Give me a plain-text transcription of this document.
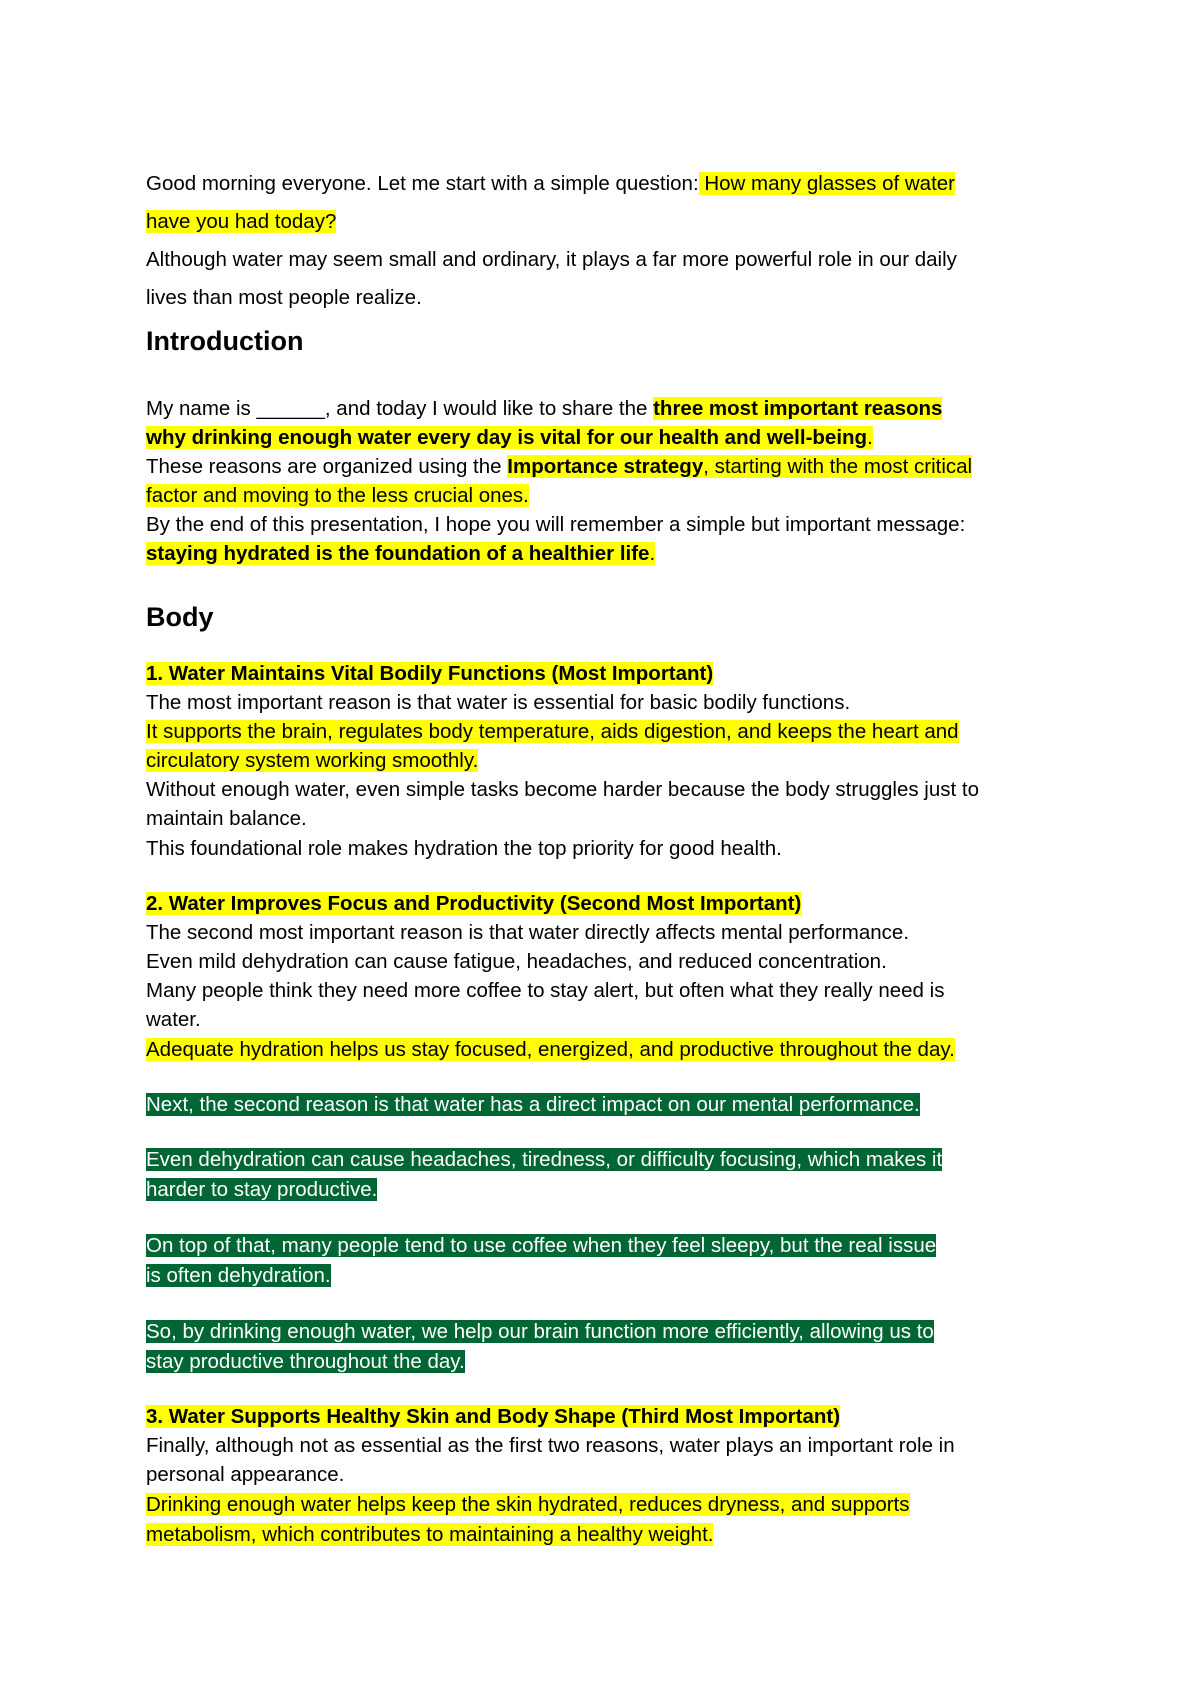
Good morning everyone. Let me start with a simple question: How many glasses of water

have you had today?

Although water may seem small and ordinary, it plays a far more powerful role in our daily

lives than most people realize.

Introduction

My name is ______, and today I would like to share the three most important reasons

why drinking enough water every day is vital for our health and well-being.

These reasons are organized using the Importance strategy, starting with the most critical

factor and moving to the less crucial ones.

By the end of this presentation, I hope you will remember a simple but important message:

staying hydrated is the foundation of a healthier life.

Body

1. Water Maintains Vital Bodily Functions (Most Important)

The most important reason is that water is essential for basic bodily functions.

It supports the brain, regulates body temperature, aids digestion, and keeps the heart and

circulatory system working smoothly.

Without enough water, even simple tasks become harder because the body struggles just to

maintain balance.

This foundational role makes hydration the top priority for good health.

2. Water Improves Focus and Productivity (Second Most Important)

The second most important reason is that water directly affects mental performance.

Even mild dehydration can cause fatigue, headaches, and reduced concentration.

Many people think they need more coffee to stay alert, but often what they really need is

water.

Adequate hydration helps us stay focused, energized, and productive throughout the day.

Next, the second reason is that water has a direct impact on our mental performance.

Even dehydration can cause headaches, tiredness, or difficulty focusing, which makes it

harder to stay productive.

On top of that, many people tend to use coffee when they feel sleepy, but the real issue

is often dehydration.

So, by drinking enough water, we help our brain function more efficiently, allowing us to

stay productive throughout the day.

3. Water Supports Healthy Skin and Body Shape (Third Most Important)

Finally, although not as essential as the first two reasons, water plays an important role in

personal appearance.

Drinking enough water helps keep the skin hydrated, reduces dryness, and supports

metabolism, which contributes to maintaining a healthy weight.
